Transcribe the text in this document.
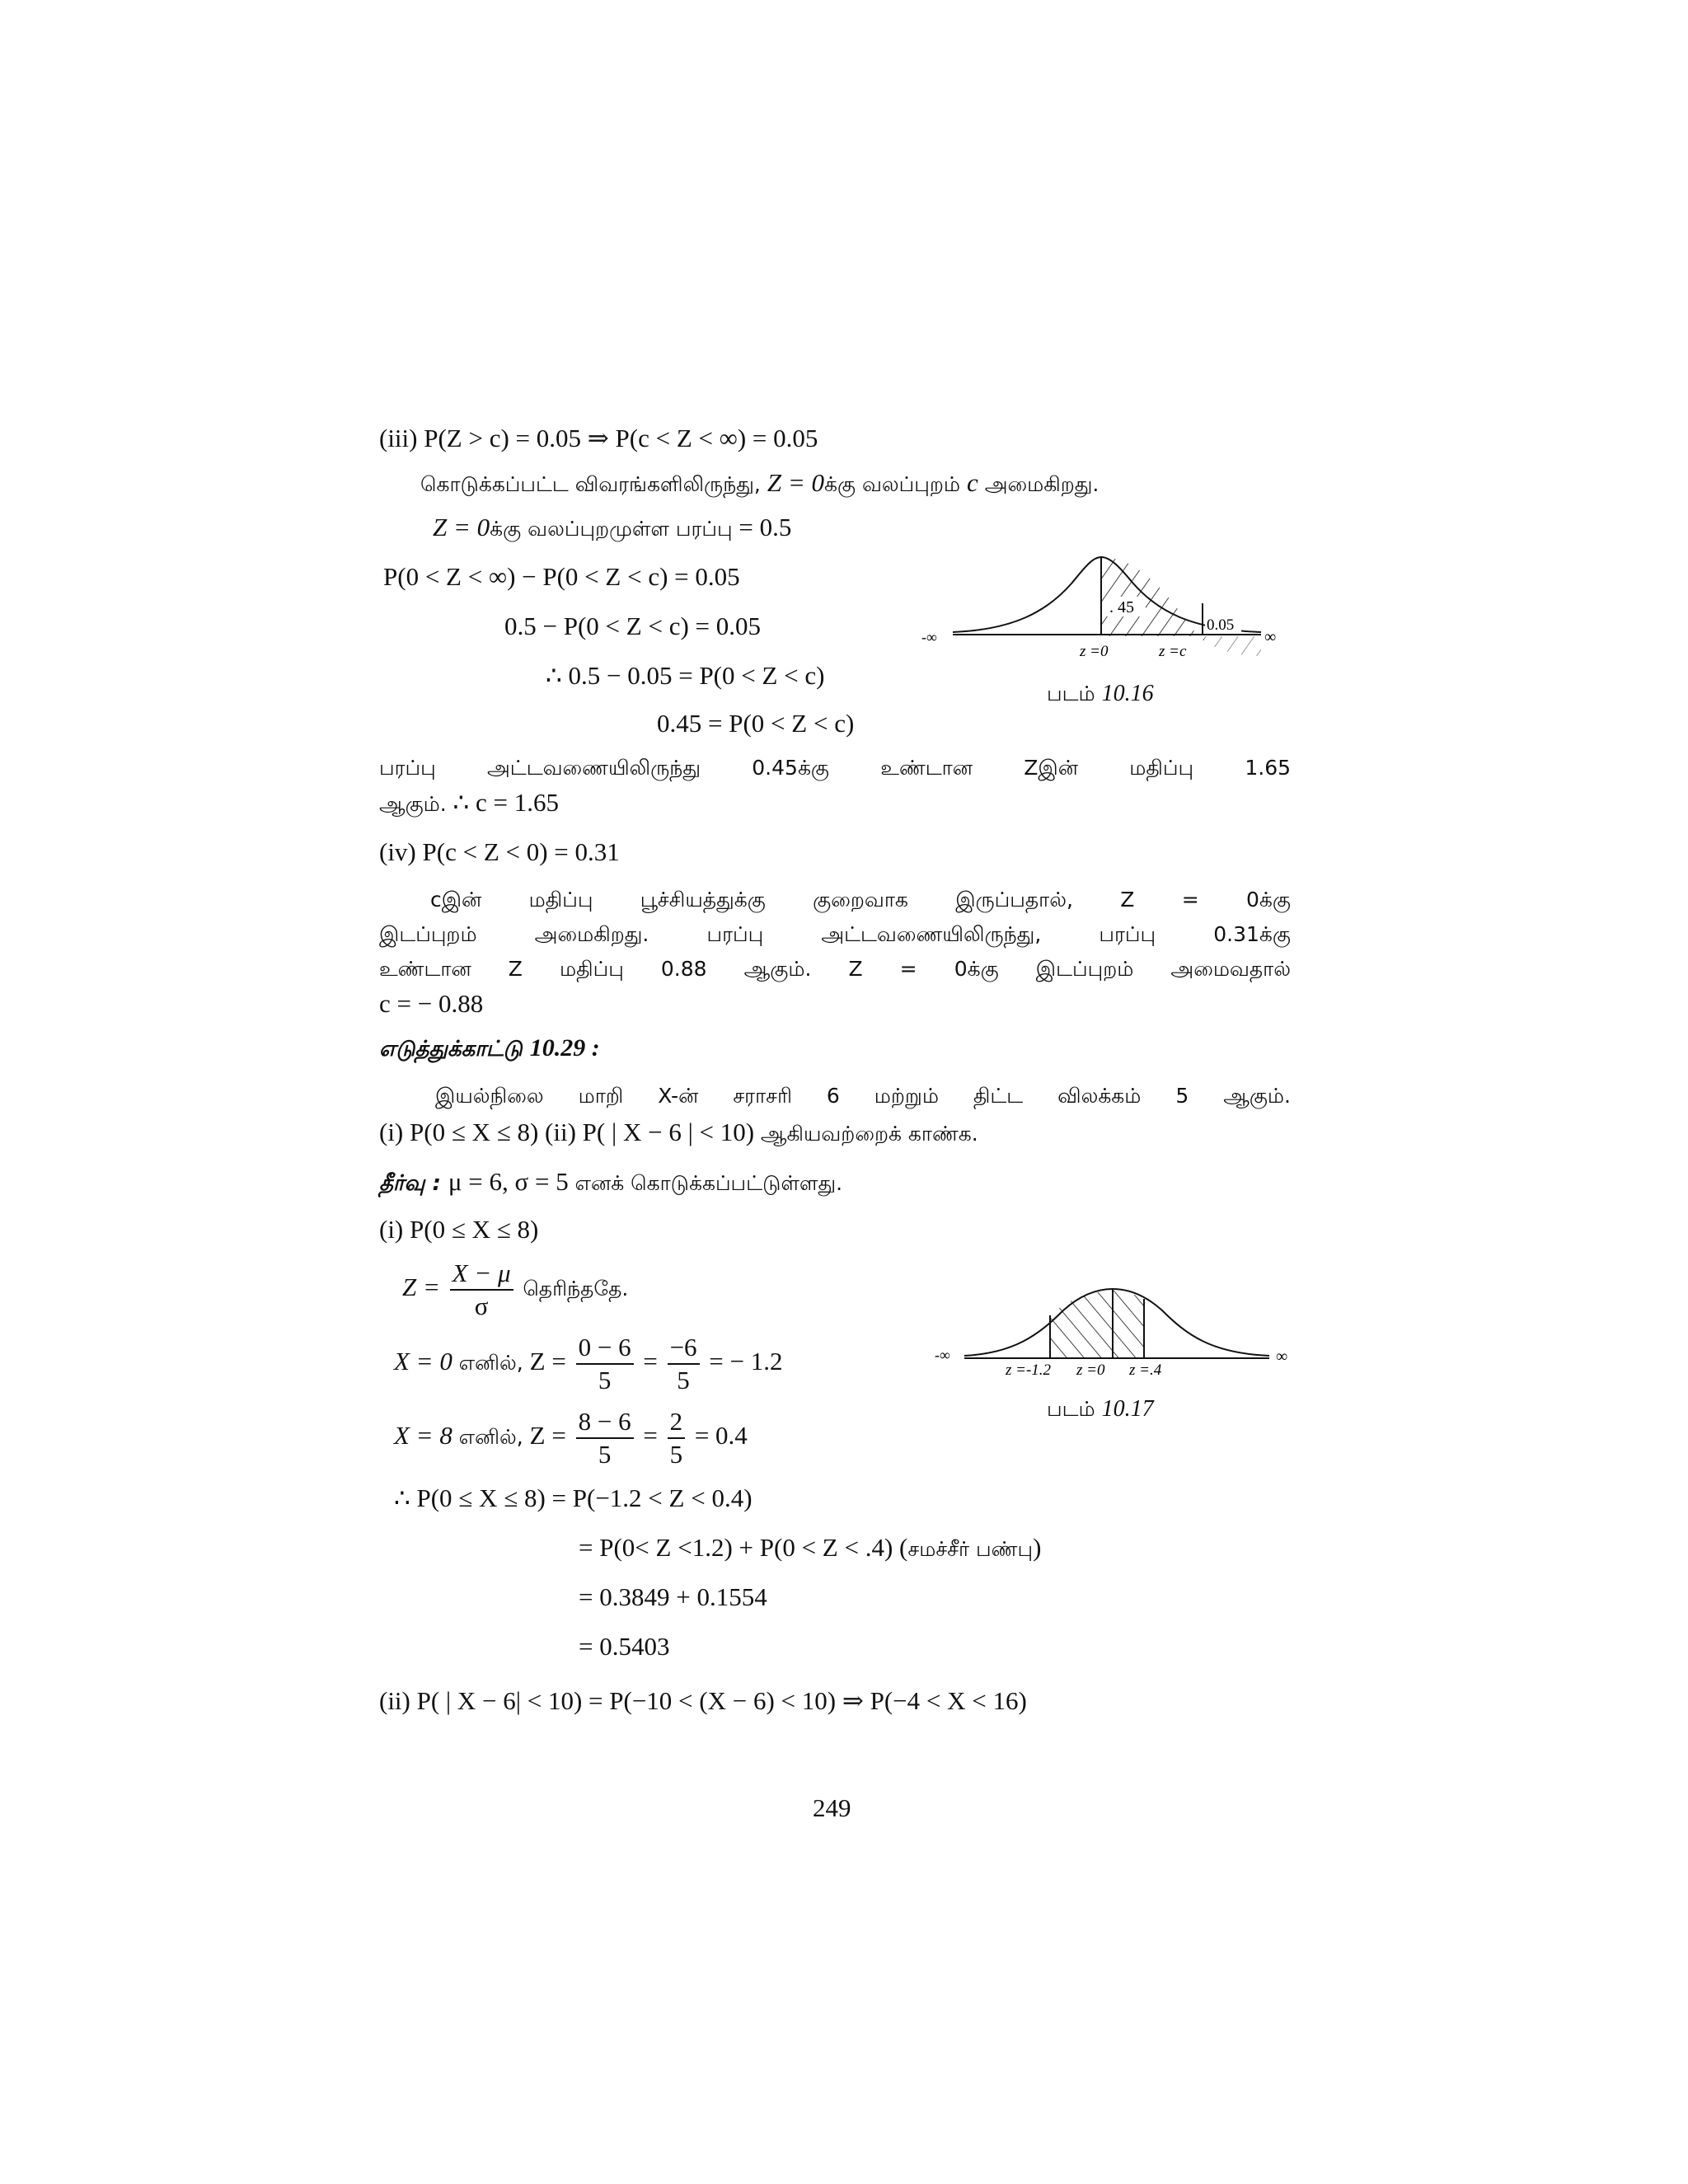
(iii) P(Z > c) = 0.05 ⇒ P(c < Z < ∞) = 0.05
கொடுக்கப்பட்ட விவரங்களிலிருந்து, Z = 0க்கு வலப்புறம் c அமைகிறது.
Z = 0க்கு வலப்புறமுள்ள பரப்பு = 0.5
P(0 < Z < ∞) − P(0 < Z < c) = 0.05
0.5 − P(0 < Z < c) = 0.05
∴ 0.5 − 0.05 = P(0 < Z < c)
0.45 = P(0 < Z < c)
. 45
0.05
-∞	∞
z =0	z =c
படம் 10.16
பரப்பு அட்டவணையிலிருந்து 0.45க்கு உண்டான Zஇன் மதிப்பு 1.65
ஆகும். ∴ c = 1.65
(iv) P(c < Z < 0) = 0.31
cஇன் மதிப்பு பூச்சியத்துக்கு குறைவாக இருப்பதால், Z = 0க்கு
இடப்புறம் அமைகிறது. பரப்பு அட்டவணையிலிருந்து, பரப்பு 0.31க்கு
உண்டான Z மதிப்பு 0.88 ஆகும். Z = 0க்கு இடப்புறம் அமைவதால்
c = − 0.88
எடுத்துக்காட்டு 10.29 :
இயல்நிலை மாறி X-ன் சராசரி 6 மற்றும் திட்ட விலக்கம் 5 ஆகும்.
(i) P(0 ≤ X ≤ 8) (ii) P( | X − 6 | < 10) ஆகியவற்றைக் காண்க.
தீர்வு : μ = 6, σ = 5 எனக் கொடுக்கப்பட்டுள்ளது.
(i) P(0 ≤ X ≤ 8)
$Z = \frac{X - \mu}{\sigma}$ தெரிந்ததே.
X = 0 எனில், $Z = \frac{0 - 6}{5} = \frac{-6}{5}$ = − 1.2
X = 8 எனில், $Z = \frac{8 - 6}{5} = \frac{2}{5} = 0.4$
∴ P(0 ≤ X ≤ 8) = P(−1.2 < Z < 0.4)
= P(0< Z <1.2) + P(0 < Z < .4) (சமச்சீர் பண்பு)
= 0.3849 + 0.1554
= 0.5403
-∞	∞
z =-1.2 z =0 z =.4
படம் 10.17
(ii) P( | X − 6| < 10) = P(−10 < (X − 6) < 10) ⇒ P(−4 < X < 16)
249
